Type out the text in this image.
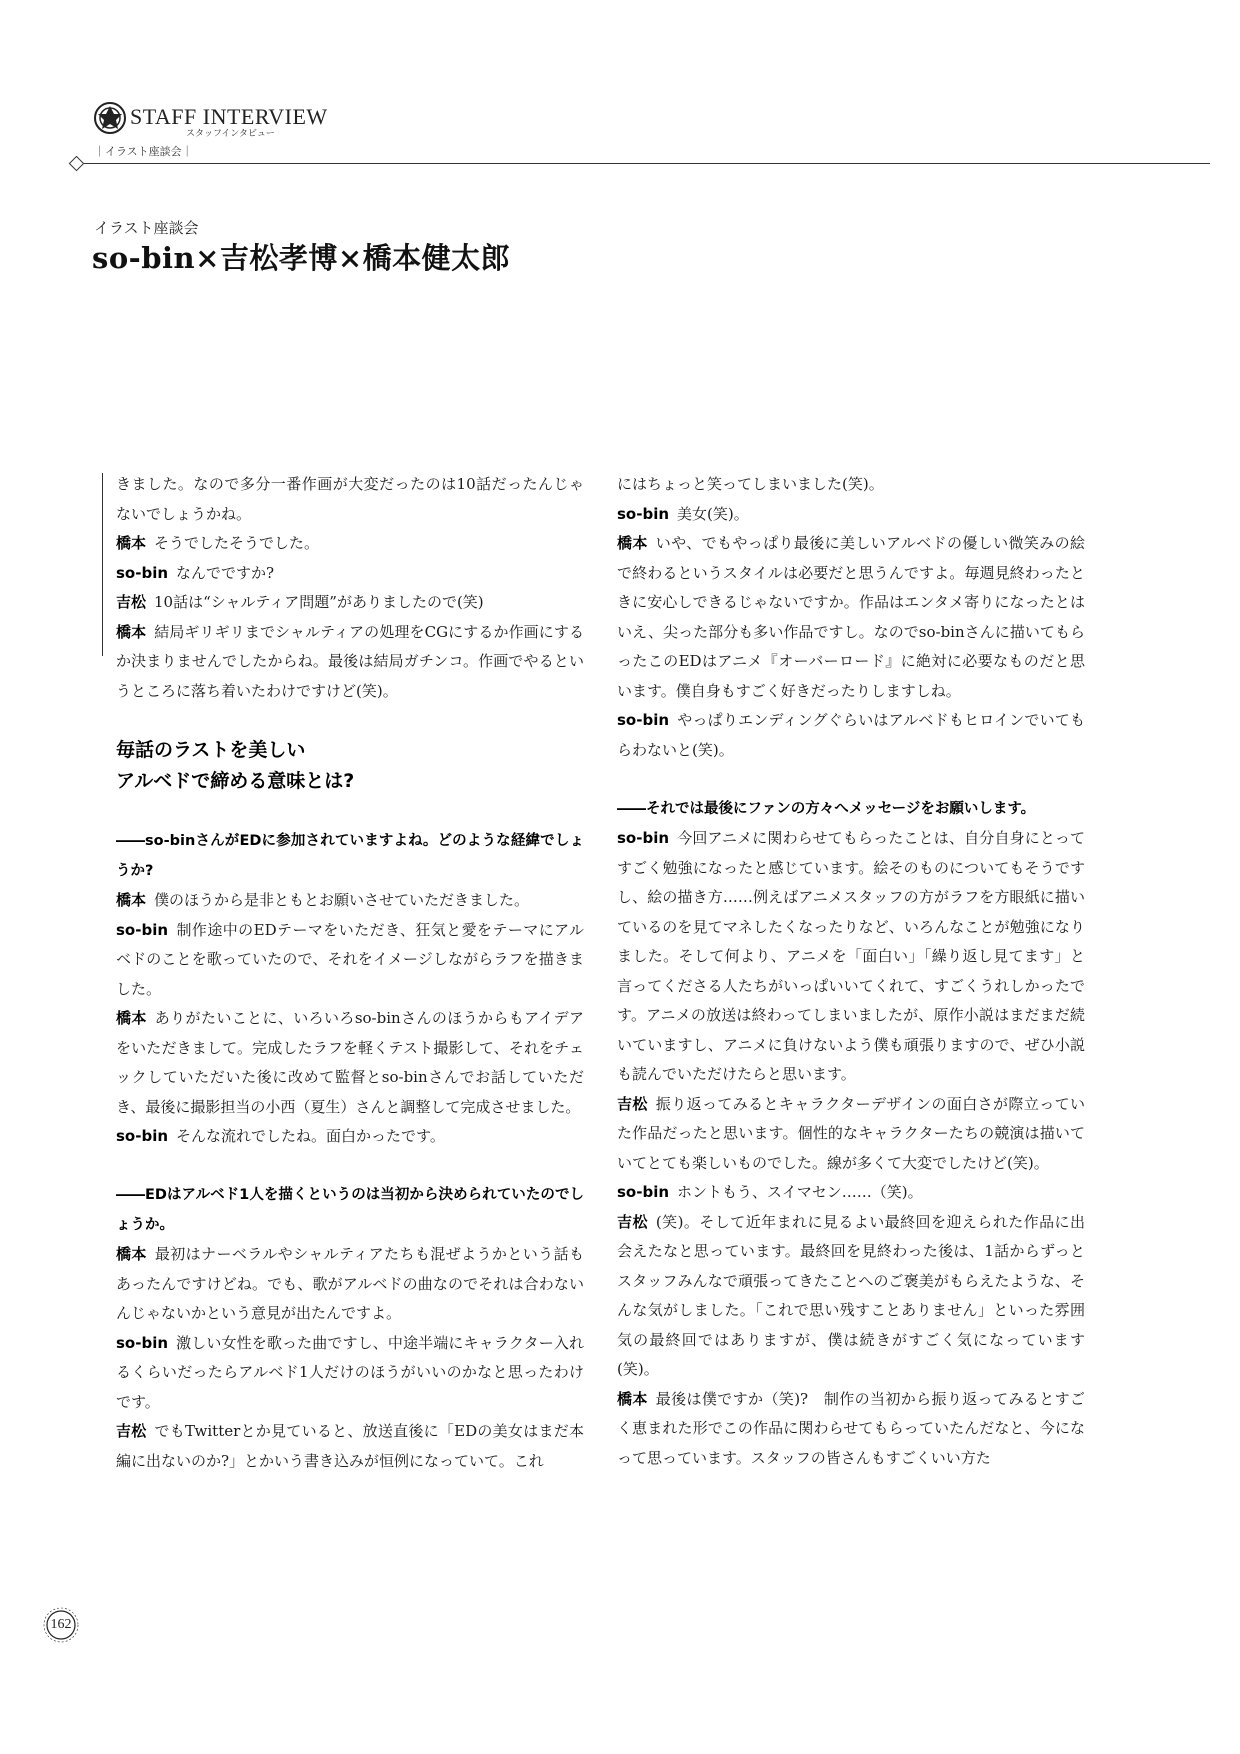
STAFF INTERVIEW
スタッフインタビュー
｜イラスト座談会｜
イラスト座談会
so-bin×吉松孝博×橋本健太郎

きました。なので多分一番作画が大変だったのは10話だったんじゃないでしょうかね。

橋本 そうでしたそうでした。

so-bin なんでですか?

吉松 10話は“シャルティア問題”がありましたので(笑)

橋本 結局ギリギリまでシャルティアの処理をCGにするか作画にするか決まりませんでしたからね。最後は結局ガチンコ。作画でやるというところに落ち着いたわけですけど(笑)。

毎話のラストを美しい
アルベドで締める意味とは?

――so-binさんがEDに参加されていますよね。どのような経緯でしょうか?

橋本 僕のほうから是非ともとお願いさせていただきました。

so-bin 制作途中のEDテーマをいただき、狂気と愛をテーマにアルベドのことを歌っていたので、それをイメージしながらラフを描きました。

橋本 ありがたいことに、いろいろso-binさんのほうからもアイデアをいただきまして。完成したラフを軽くテスト撮影して、それをチェックしていただいた後に改めて監督とso-binさんでお話していただき、最後に撮影担当の小西（夏生）さんと調整して完成させました。

so-bin そんな流れでしたね。面白かったです。

――EDはアルベド1人を描くというのは当初から決められていたのでしょうか。

橋本 最初はナーベラルやシャルティアたちも混ぜようかという話もあったんですけどね。でも、歌がアルベドの曲なのでそれは合わないんじゃないかという意見が出たんですよ。

so-bin 激しい女性を歌った曲ですし、中途半端にキャラクター入れるくらいだったらアルベド1人だけのほうがいいのかなと思ったわけです。

吉松 でもTwitterとか見ていると、放送直後に「EDの美女はまだ本編に出ないのか?」とかいう書き込みが恒例になっていて。これ

にはちょっと笑ってしまいました(笑)。

so-bin 美女(笑)。

橋本 いや、でもやっぱり最後に美しいアルベドの優しい微笑みの絵で終わるというスタイルは必要だと思うんですよ。毎週見終わったときに安心しできるじゃないですか。作品はエンタメ寄りになったとはいえ、尖った部分も多い作品ですし。なのでso-binさんに描いてもらったこのEDはアニメ『オーバーロード』に絶対に必要なものだと思います。僕自身もすごく好きだったりしますしね。

so-bin やっぱりエンディングぐらいはアルベドもヒロインでいてもらわないと(笑)。

――それでは最後にファンの方々へメッセージをお願いします。

so-bin 今回アニメに関わらせてもらったことは、自分自身にとってすごく勉強になったと感じています。絵そのものについてもそうですし、絵の描き方……例えばアニメスタッフの方がラフを方眼紙に描いているのを見てマネしたくなったりなど、いろんなことが勉強になりました。そして何より、アニメを「面白い」「繰り返し見てます」と言ってくださる人たちがいっぱいいてくれて、すごくうれしかったです。アニメの放送は終わってしまいましたが、原作小説はまだまだ続いていますし、アニメに負けないよう僕も頑張りますので、ぜひ小説も読んでいただけたらと思います。

吉松 振り返ってみるとキャラクターデザインの面白さが際立っていた作品だったと思います。個性的なキャラクターたちの競演は描いていてとても楽しいものでした。線が多くて大変でしたけど(笑)。

so-bin ホントもう、スイマセン……（笑)。

吉松 (笑)。そして近年まれに見るよい最終回を迎えられた作品に出会えたなと思っています。最終回を見終わった後は、1話からずっとスタッフみんなで頑張ってきたことへのご褒美がもらえたような、そんな気がしました。「これで思い残すことありません」といった雰囲気の最終回ではありますが、僕は続きがすごく気になっています(笑)。

橋本 最後は僕ですか（笑)?　制作の当初から振り返ってみるとすごく恵まれた形でこの作品に関わらせてもらっていたんだなと、今になって思っています。スタッフの皆さんもすごくいい方た

162
